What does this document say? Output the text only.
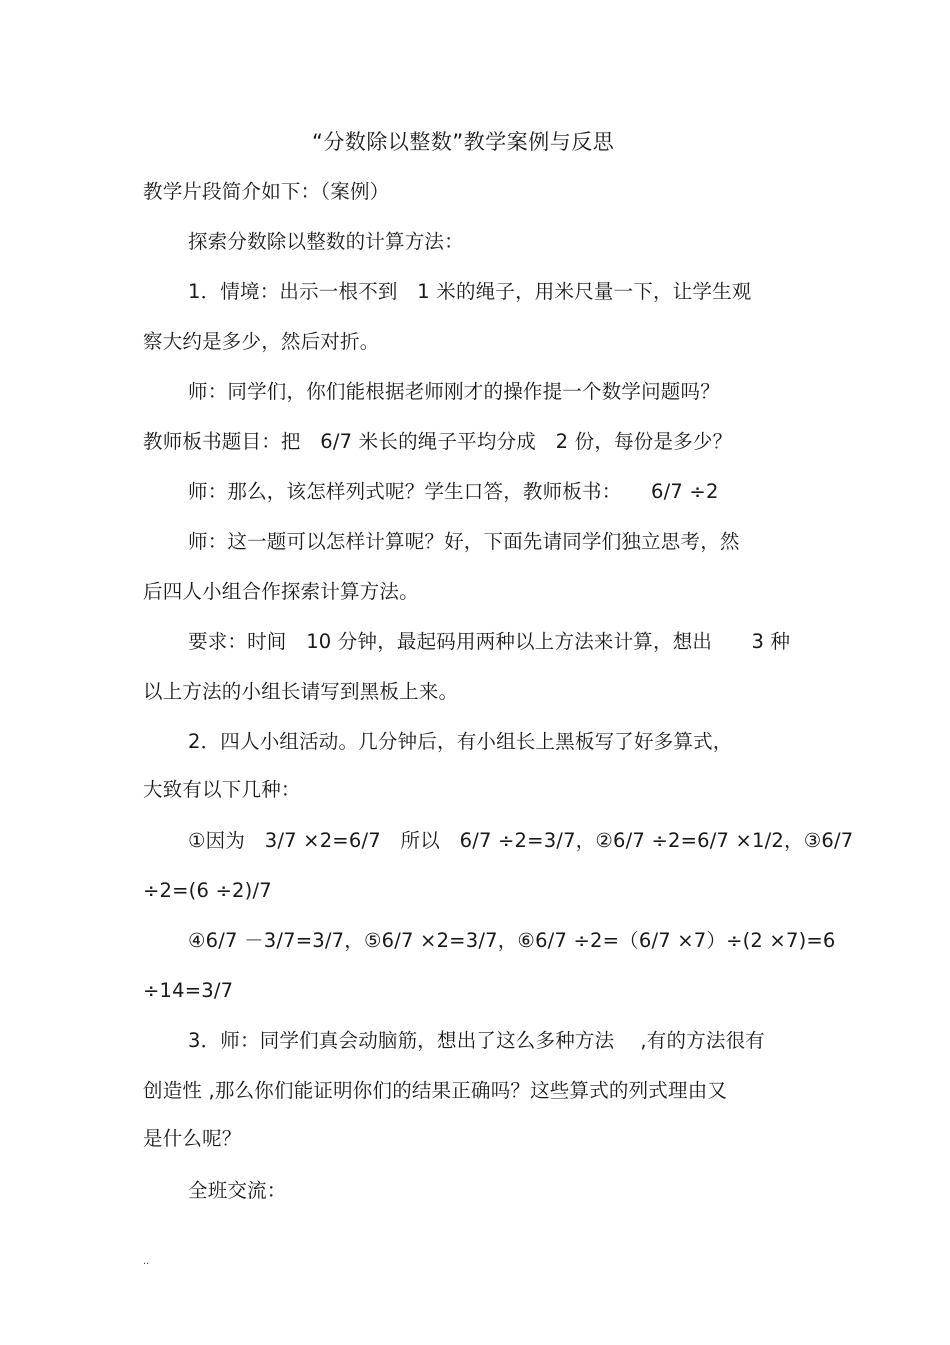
“分数除以整数”教学案例与反思
教学片段简介如下：（案例）
探索分数除以整数的计算方法：
1．情境：出示一根不到　1 米的绳子，用米尺量一下，让学生观
察大约是多少，然后对折。
师：同学们，你们能根据老师刚才的操作提一个数学问题吗？
教师板书题目：把　6/7 米长的绳子平均分成　2 份，每份是多少？
师：那么，该怎样列式呢？学生口答，教师板书：　　6/7 ÷2
师：这一题可以怎样计算呢？好，下面先请同学们独立思考，然
后四人小组合作探索计算方法。
要求：时间　10 分钟，最起码用两种以上方法来计算，想出　　3 种
以上方法的小组长请写到黑板上来。
2．四人小组活动。几分钟后，有小组长上黑板写了好多算式，
大致有以下几种：
①因为　3/7 ×2=6/7　所以　6/7 ÷2=3/7，②6/7 ÷2=6/7 ×1/2，③6/7
÷2=(6 ÷2)/7
④6/7 －3/7=3/7，⑤6/7 ×2=3/7，⑥6/7 ÷2=（6/7 ×7）÷(2 ×7)=6
÷14=3/7
3．师：同学们真会动脑筋，想出了这么多种方法　 ,有的方法很有
创造性 ,那么你们能证明你们的结果正确吗？这些算式的列式理由又
是什么呢？
全班交流：
..
